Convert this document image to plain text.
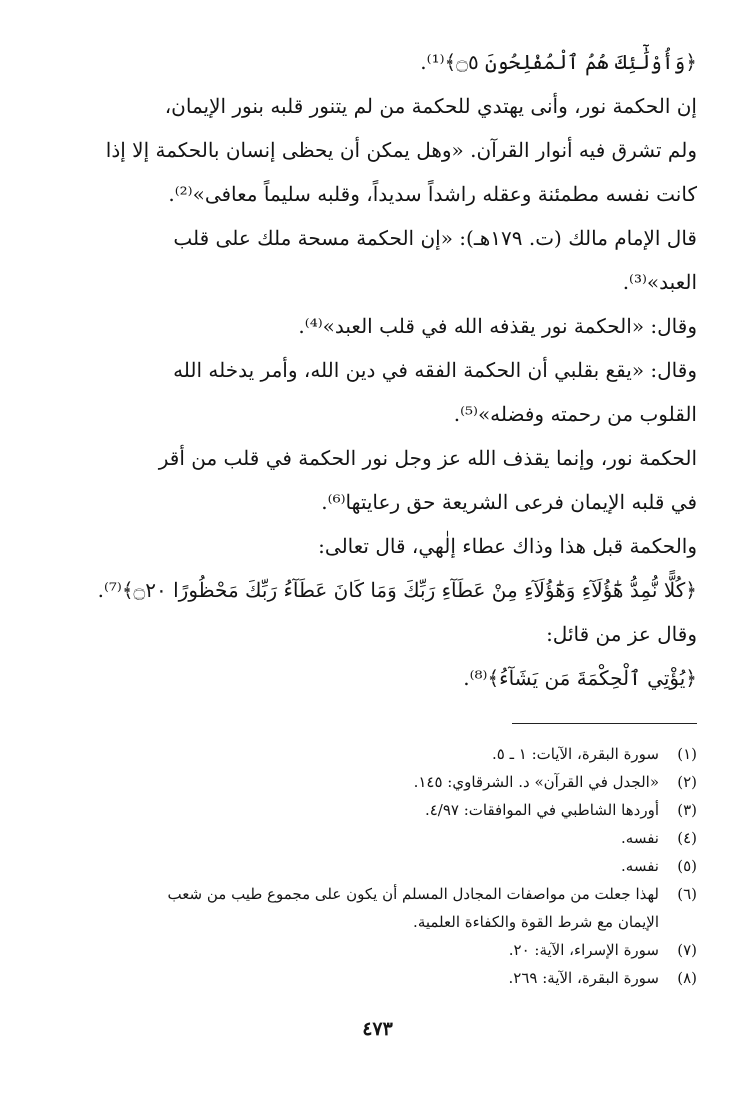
﴿وَأُوْلَٰٓئِكَ هُمُ ٱلْمُفْلِحُونَ ۝٥﴾⁽¹⁾.
إن الحكمة نور، وأنى يهتدي للحكمة من لم يتنور قلبه بنور الإيمان،
ولم تشرق فيه أنوار القرآن. «وهل يمكن أن يحظى إنسان بالحكمة إلا إذا
كانت نفسه مطمئنة وعقله راشداً سديداً، وقلبه سليماً معافى»⁽²⁾.
قال الإمام مالك (ت. ١٧٩هـ): «إن الحكمة مسحة ملك على قلب
العبد»⁽³⁾.
وقال: «الحكمة نور يقذفه الله في قلب العبد»⁽⁴⁾.
وقال: «يقع بقلبي أن الحكمة الفقه في دين الله، وأمر يدخله الله
القلوب من رحمته وفضله»⁽⁵⁾.
الحكمة نور، وإنما يقذف الله عز وجل نور الحكمة في قلب من أقر
في قلبه الإيمان فرعى الشريعة حق رعايتها⁽⁶⁾.
والحكمة قبل هذا وذاك عطاء إلٰهي، قال تعالى:
﴿كُلًّا نُّمِدُّ هَٰٓؤُلَآءِ وَهَٰٓؤُلَآءِ مِنْ عَطَآءِ رَبِّكَ وَمَا كَانَ عَطَآءُ رَبِّكَ مَحْظُورًا ۝٢٠﴾⁽⁷⁾.
وقال عز من قائل:
﴿يُؤْتِي ٱلْحِكْمَةَ مَن يَشَآءُ﴾⁽⁸⁾.
(١)
سورة البقرة، الآيات: ١ ـ ٥.
(٢)
«الجدل في القرآن» د. الشرقاوي: ١٤٥.
(٣)
أوردها الشاطبي في الموافقات: ٤/٩٧.
(٤)
نفسه.
(٥)
نفسه.
(٦)
لهذا جعلت من مواصفات المجادل المسلم أن يكون على مجموع طيب من شعب
الإيمان مع شرط القوة والكفاءة العلمية.
(٧)
سورة الإسراء، الآية: ٢٠.
(٨)
سورة البقرة، الآية: ٢٦٩.
٤٧٣
